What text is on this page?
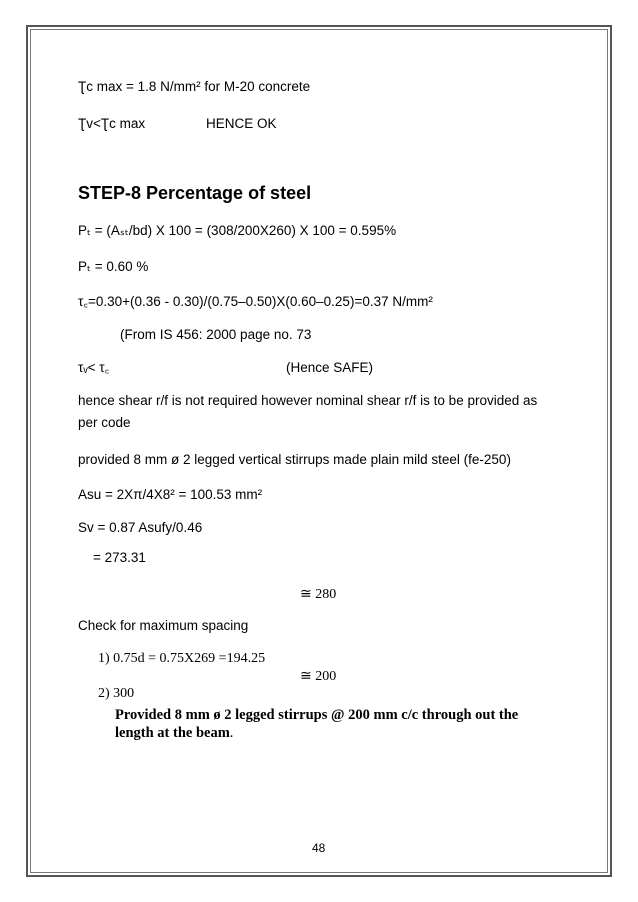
Ʈc max = 1.8 N/mm² for M-20 concrete
Ʈv<Ʈc max	HENCE OK
STEP-8 Percentage of steel
Pₜ = (Aₛₜ/bd) X 100 = (308/200X260) X 100 = 0.595%
Pₜ = 0.60 %
τ꜀=0.30+(0.36 - 0.30)/(0.75–0.50)X(0.60–0.25)=0.37 N/mm²
(From IS 456: 2000 page no. 73
τᵥ< τ꜀	(Hence SAFE)
hence shear r/f is not required however nominal shear r/f is to be provided as
per code
provided 8 mm ø 2 legged vertical stirrups made plain mild steel (fe-250)
Asu = 2Xπ/4X8² = 100.53 mm²
Sv = 0.87 Asufy/0.46
= 273.31
≅ 280
Check for maximum spacing
1) 0.75d = 0.75X269 =194.25
≅ 200
2) 300
Provided 8 mm ø 2 legged stirrups @ 200 mm c/c through out the
length at the beam.
48
